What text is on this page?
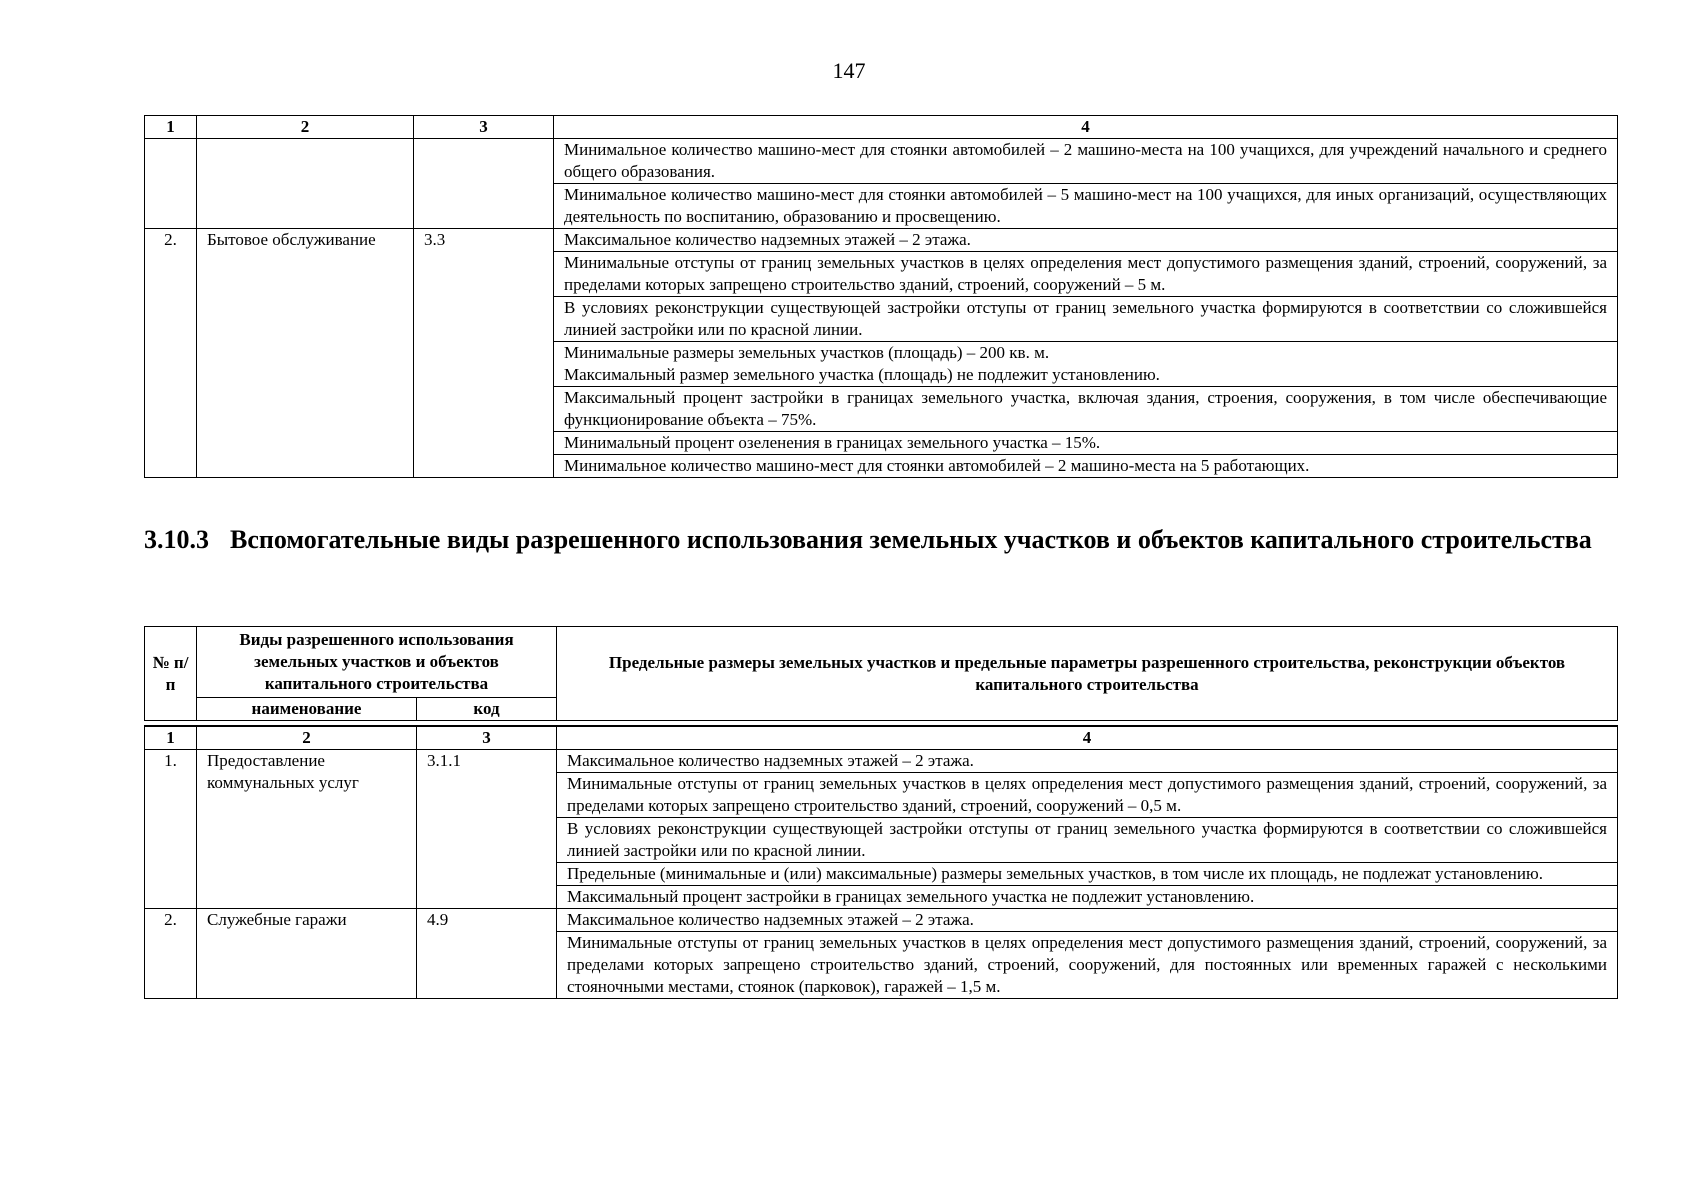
147
1	2	3	4

			Минимальное количество машино-мест для стоянки автомобилей – 2 машино-места на 100 учащихся, для учреждений начального и среднего общего образования.

			Минимальное количество машино-мест для стоянки автомобилей – 5 машино-мест на 100 учащихся, для иных организаций, осуществляющих деятельность по воспитанию, образованию и просвещению.

2.	Бытовое обслуживание	3.3	Максимальное количество надземных этажей – 2 этажа.

			Минимальные отступы от границ земельных участков в целях определения мест допустимого размещения зданий, строений, сооружений, за пределами которых запрещено строительство зданий, строений, сооружений – 5 м.

			В условиях реконструкции существующей застройки отступы от границ земельного участка формируются в соответствии со сложившейся линией застройки или по красной линии.

			Минимальные размеры земельных участков (площадь) – 200 кв. м.
Максимальный размер земельного участка (площадь) не подлежит установлению.

			Максимальный процент застройки в границах земельного участка, включая здания, строения, сооружения, в том числе обеспечивающие функционирование объекта – 75%.

			Минимальный процент озеленения в границах земельного участка – 15%.

			Минимальное количество машино-мест для стоянки автомобилей – 2 машино-места на 5 работающих.
3.10.3 Вспомогательные виды разрешенного использования земельных участков и объектов капитального строительства
№ п/п	Виды разрешенного использования земельных участков и объектов капитального строительства		Предельные размеры земельных участков и предельные параметры разрешенного строительства, реконструкции объектов капитального строительства
	наименование	код	

1	2	3	4
1.	Предоставление коммунальных услуг	3.1.1	Максимальное количество надземных этажей – 2 этажа.

			Минимальные отступы от границ земельных участков в целях определения мест допустимого размещения зданий, строений, сооружений, за пределами которых запрещено строительство зданий, строений, сооружений – 0,5 м.

			В условиях реконструкции существующей застройки отступы от границ земельного участка формируются в соответствии со сложившейся линией застройки или по красной линии.

			Предельные (минимальные и (или) максимальные) размеры земельных участков, в том числе их площадь, не подлежат установлению.

			Максимальный процент застройки в границах земельного участка не подлежит установлению.

2.	Служебные гаражи	4.9	Максимальное количество надземных этажей – 2 этажа.

			Минимальные отступы от границ земельных участков в целях определения мест допустимого размещения зданий, строений, сооружений, за пределами которых запрещено строительство зданий, строений, сооружений, для постоянных или временных гаражей с несколькими стояночными местами, стоянок (парковок), гаражей – 1,5 м.
